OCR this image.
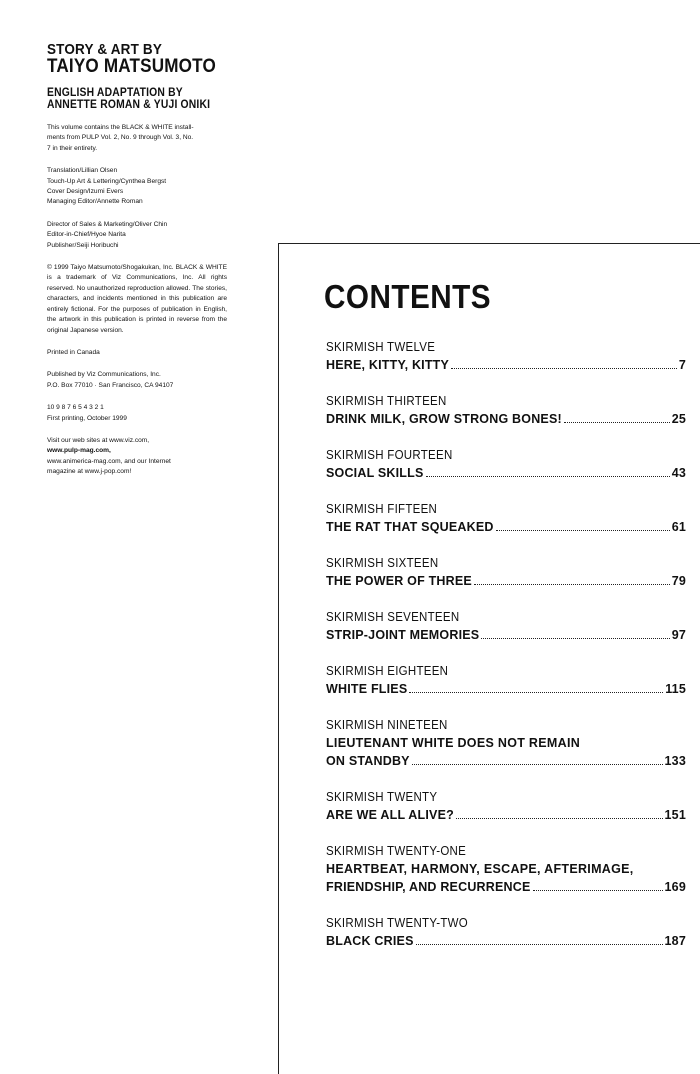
STORY & ART BY
TAIYO MATSUMOTO
ENGLISH ADAPTATION BY
ANNETTE ROMAN & YUJI ONIKI
This volume contains the BLACK & WHITE install-
ments from PULP Vol. 2, No. 9 through Vol. 3, No.
7 in their entirety.
Translation/Lillian Olsen
Touch-Up Art & Lettering/Cynthea Bergst
Cover Design/Izumi Evers
Managing Editor/Annette Roman
Director of Sales & Marketing/Oliver Chin
Editor-in-Chief/Hyoe Narita
Publisher/Seiji Horibuchi
© 1999 Taiyo Matsumoto/Shogakukan, Inc. BLACK & WHITE is a trademark of Viz Communications, Inc. All rights reserved. No unauthorized reproduction allowed. The stories, characters, and incidents mentioned in this publication are entirely fictional. For the purposes of publication in English, the artwork in this publication is printed in reverse from the original Japanese version.
Printed in Canada
Published by Viz Communications, Inc.
P.O. Box 77010 · San Francisco, CA 94107
10 9 8 7 6 5 4 3 2 1
First printing, October 1999
Visit our web sites at www.viz.com,
www.pulp-mag.com,
www.animerica-mag.com, and our Internet
magazine at www.j-pop.com!
CONTENTS
SKIRMISH TWELVE
HERE, KITTY, KITTY	7
SKIRMISH THIRTEEN
DRINK MILK, GROW STRONG BONES!	25
SKIRMISH FOURTEEN
SOCIAL SKILLS	43
SKIRMISH FIFTEEN
THE RAT THAT SQUEAKED	61
SKIRMISH SIXTEEN
THE POWER OF THREE	79
SKIRMISH SEVENTEEN
STRIP-JOINT MEMORIES	97
SKIRMISH EIGHTEEN
WHITE FLIES	115
SKIRMISH NINETEEN
LIEUTENANT WHITE DOES NOT REMAIN
ON STANDBY	133
SKIRMISH TWENTY
ARE WE ALL ALIVE?	151
SKIRMISH TWENTY-ONE
HEARTBEAT, HARMONY, ESCAPE, AFTERIMAGE,
FRIENDSHIP, AND RECURRENCE	169
SKIRMISH TWENTY-TWO
BLACK CRIES	187
